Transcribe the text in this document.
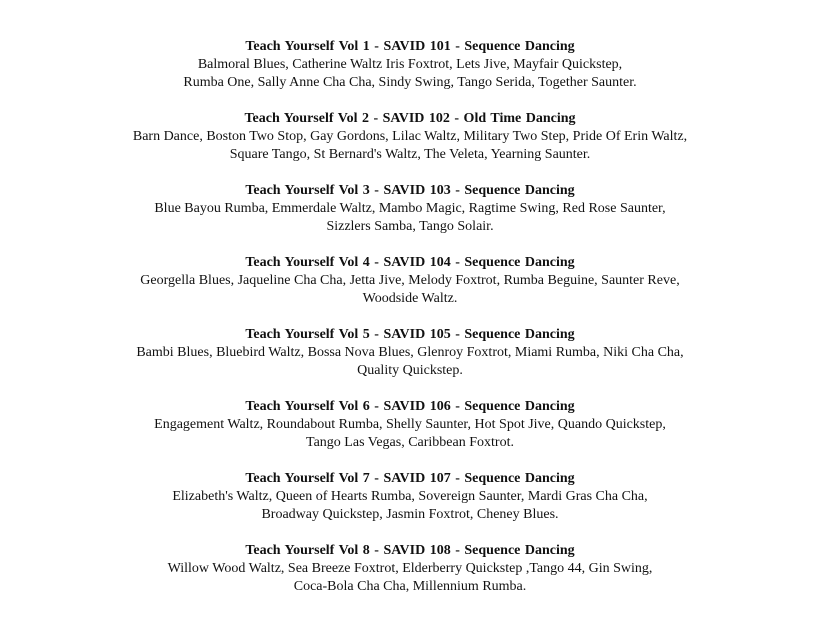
Teach Yourself Vol 1 - SAVID 101 - Sequence Dancing
Balmoral Blues, Catherine Waltz Iris Foxtrot, Lets Jive, Mayfair Quickstep,
Rumba One, Sally Anne Cha Cha, Sindy Swing, Tango Serida, Together Saunter.
Teach Yourself Vol 2 - SAVID 102 - Old Time Dancing
Barn Dance, Boston Two Stop, Gay Gordons, Lilac Waltz, Military Two Step, Pride Of Erin Waltz,
Square Tango, St Bernard's Waltz, The Veleta, Yearning Saunter.
Teach Yourself Vol 3 - SAVID 103 - Sequence Dancing
Blue Bayou Rumba, Emmerdale Waltz, Mambo Magic, Ragtime Swing, Red Rose Saunter,
Sizzlers Samba, Tango Solair.
Teach Yourself Vol 4 - SAVID 104 - Sequence Dancing
Georgella Blues, Jaqueline Cha Cha, Jetta Jive, Melody Foxtrot, Rumba Beguine, Saunter Reve,
Woodside Waltz.
Teach Yourself Vol 5 - SAVID 105 - Sequence Dancing
Bambi Blues, Bluebird Waltz, Bossa Nova Blues, Glenroy Foxtrot, Miami Rumba, Niki Cha Cha,
Quality Quickstep.
Teach Yourself Vol 6 - SAVID 106 - Sequence Dancing
Engagement Waltz, Roundabout Rumba, Shelly Saunter, Hot Spot Jive, Quando Quickstep,
Tango Las Vegas, Caribbean Foxtrot.
Teach Yourself Vol 7 - SAVID 107 - Sequence Dancing
Elizabeth's Waltz, Queen of Hearts Rumba, Sovereign Saunter, Mardi Gras Cha Cha,
Broadway Quickstep, Jasmin Foxtrot, Cheney Blues.
Teach Yourself Vol 8 - SAVID 108 - Sequence Dancing
Willow Wood Waltz, Sea Breeze Foxtrot, Elderberry Quickstep ,Tango 44, Gin Swing,
Coca-Bola Cha Cha, Millennium Rumba.
